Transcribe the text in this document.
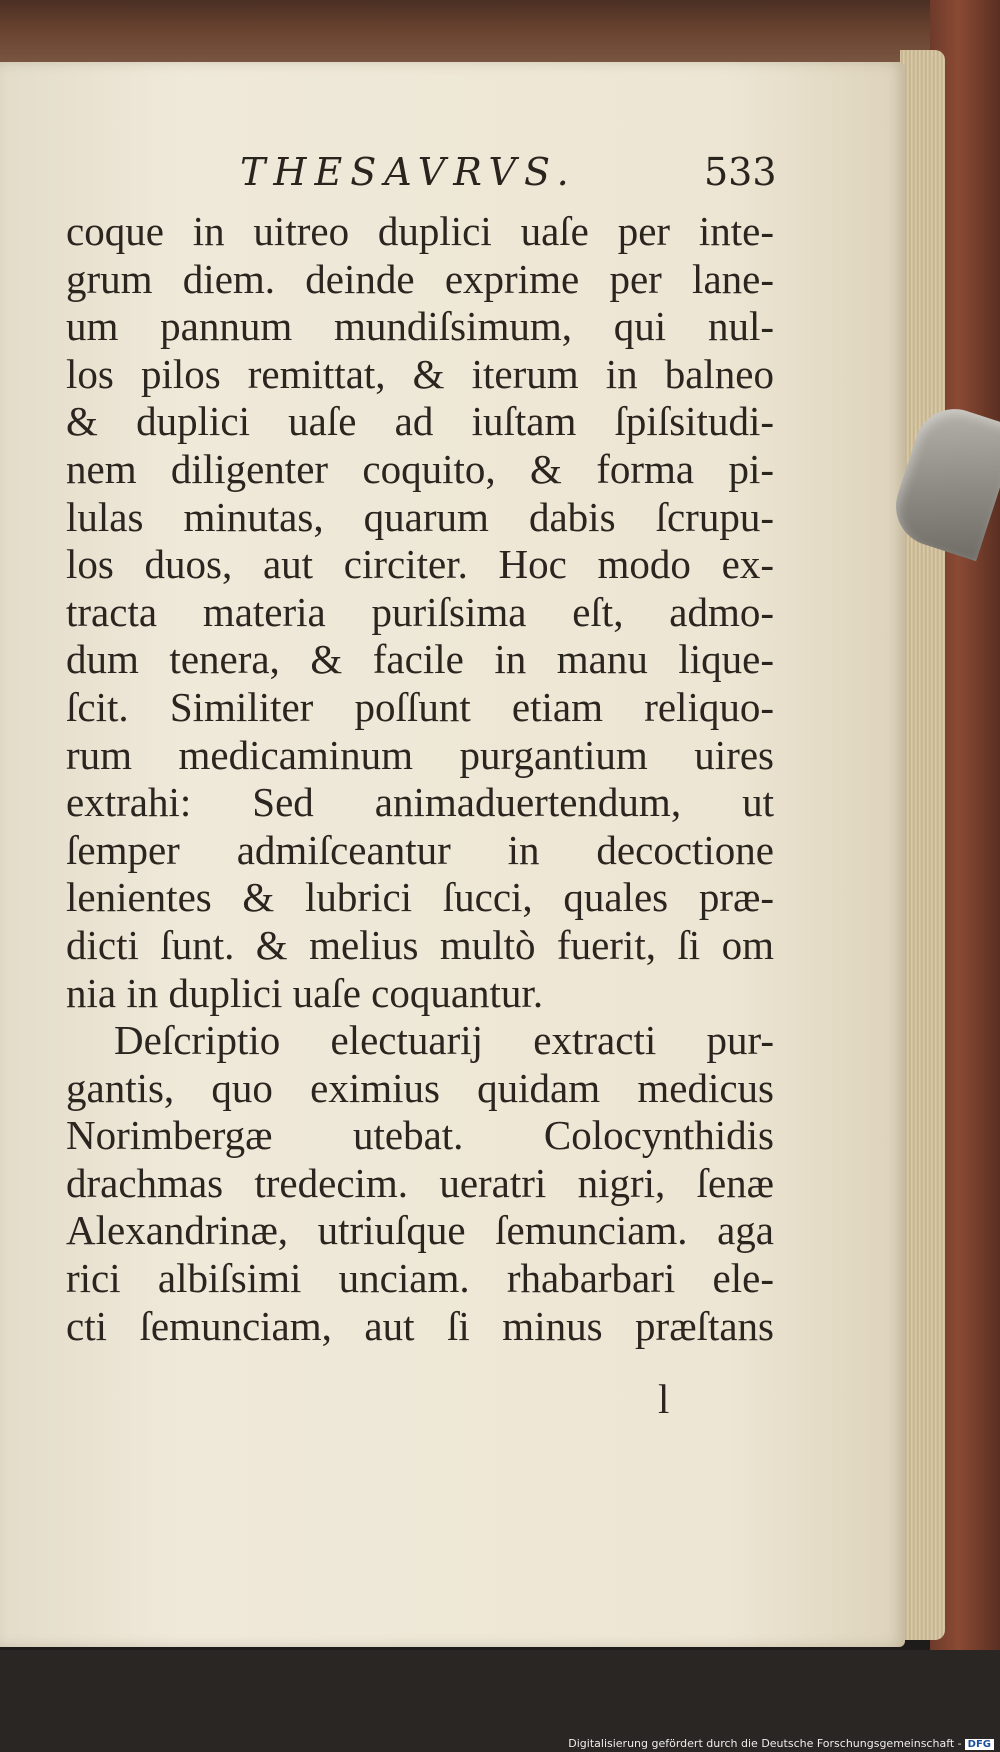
THESAVRVS.	533
coque in uitreo duplici uaſe per inte-
grum diem. deinde exprime per lane-
um pannum mundiſsimum, qui nul-
los pilos remittat, & iterum in balneo
& duplici uaſe ad iuſtam ſpiſsitudi-
nem diligenter coquito, & forma pi-
lulas minutas, quarum dabis ſcrupu-
los duos, aut circiter. Hoc modo ex-
tracta materia puriſsima eſt, admo-
dum tenera, & facile in manu lique-
ſcit. Similiter poſſunt etiam reliquo-
rum medicaminum purgantium uires
extrahi: Sed animaduertendum, ut
ſemper admiſceantur in decoctione
lenientes & lubrici ſucci, quales præ-
dicti ſunt. & melius multò fuerit, ſi om
nia in duplici uaſe coquantur.
Deſcriptio electuarij extracti pur-
gantis, quo eximius quidam medicus
Norimbergæ utebat. Colocynthidis
drachmas tredecim. ueratri nigri, ſenæ
Alexandrinæ, utriuſque ſemunciam. aga
rici albiſsimi unciam. rhabarbari ele-
cti ſemunciam, aut ſi minus præſtans
l
Digitalisierung gefördert durch die Deutsche Forschungsgemeinschaft - DFG
